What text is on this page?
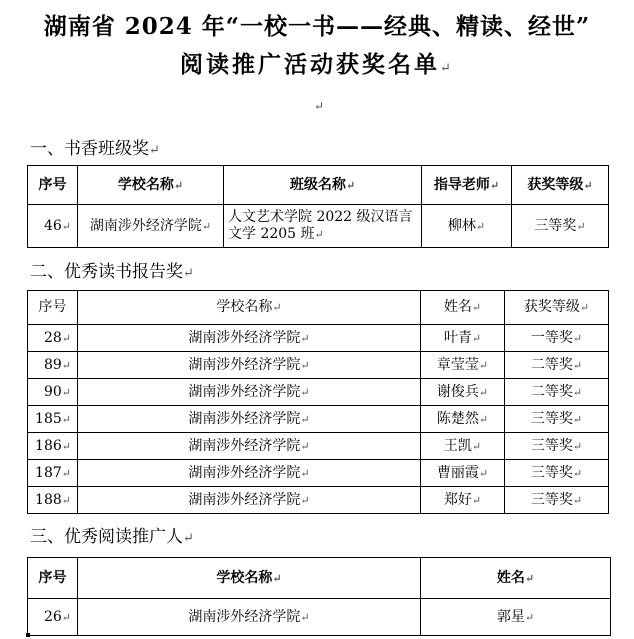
湖南省 2024 年“一校一书——经典、精读、经世”
阅读推广活动获奖名单↵
↵
一、书香班级奖↵
序号	学校名称↵	班级名称↵	指导老师↵	获奖等级↵
46↵	湖南涉外经济学院↵	人文艺术学院 2022 级汉语言文学 2205 班↵	柳林↵	三等奖↵
二、优秀读书报告奖↵
序号	学校名称↵	姓名↵	获奖等级↵
28↵	湖南涉外经济学院↵	叶青↵	一等奖↵
89↵	湖南涉外经济学院↵	章莹莹↵	二等奖↵
90↵	湖南涉外经济学院↵	谢俊兵↵	二等奖↵
185↵	湖南涉外经济学院↵	陈楚然↵	三等奖↵
186↵	湖南涉外经济学院↵	王凯↵	三等奖↵
187↵	湖南涉外经济学院↵	曹丽霞↵	三等奖↵
188↵	湖南涉外经济学院↵	郑好↵	三等奖↵
三、优秀阅读推广人↵
序号	学校名称↵	姓名↵
26↵	湖南涉外经济学院↵	郭星↵
